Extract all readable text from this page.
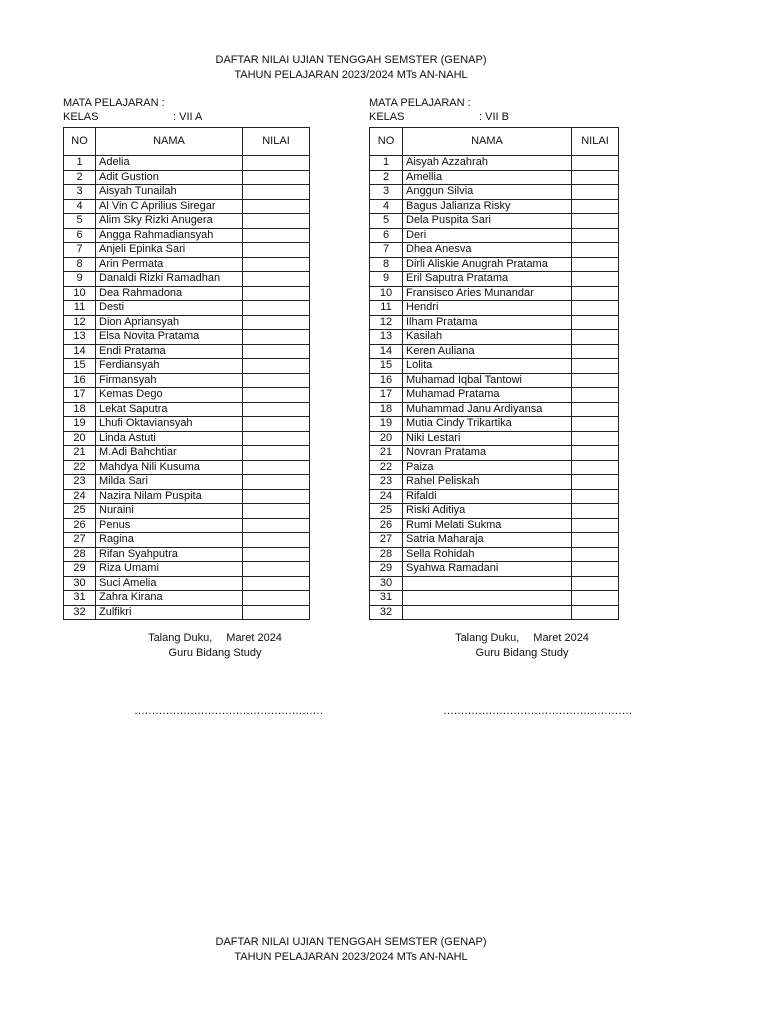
DAFTAR NILAI UJIAN TENGGAH SEMSTER (GENAP)
TAHUN PELAJARAN 2023/2024 MTs AN-NAHL
MATA PELAJARAN :
KELAS	: VII A
NO	NAMA	NILAI
1	Adelia	
2	Adit Gustion	
3	Aisyah Tunailah	
4	Al Vin C Aprilius Siregar	
5	Alim Sky Rizki Anugera	
6	Angga Rahmadiansyah	
7	Anjeli Epinka Sari	
8	Arin Permata	
9	Danaldi Rizki Ramadhan	
10	Dea Rahmadona	
11	Desti	
12	Dion Apriansyah	
13	Elsa Novita Pratama	
14	Endi Pratama	
15	Ferdiansyah	
16	Firmansyah	
17	Kemas Dego	
18	Lekat Saputra	
19	Lhufi Oktaviansyah	
20	Linda Astuti	
21	M.Adi Bahchtiar	
22	Mahdya Nili Kusuma	
23	Milda Sari	
24	Nazira Nilam Puspita	
25	Nuraini	
26	Penus	
27	Ragina	
28	Rifan Syahputra	
29	Riza Umami	
30	Suci Amelia	
31	Zahra Kirana	
32	Zulfikri	
MATA PELAJARAN :
KELAS	: VII B
NO	NAMA	NILAI
1	Aisyah Azzahrah	
2	Amellia	
3	Anggun Silvia	
4	Bagus Jalianza Risky	
5	Dela Puspita Sari	
6	Deri	
7	Dhea Anesva	
8	Dirli Aliskie Anugrah Pratama	
9	Eril Saputra Pratama	
10	Fransisco Aries Munandar	
11	Hendri	
12	Ilham Pratama	
13	Kasilah	
14	Keren Auliana	
15	Lolita	
16	Muhamad Iqbal Tantowi	
17	Muhamad Pratama	
18	Muhammad Janu Ardiyansa	
19	Mutia Cindy Trikartika	
20	Niki Lestari	
21	Novran Pratama	
22	Paiza	
23	Rahel Peliskah	
24	Rifaldi	
25	Riski Aditiya	
26	Rumi Melati Sukma	
27	Satria Maharaja	
28	Sella Rohidah	
29	Syahwa Ramadani	
30		
31		
32		
Talang Duku, Maret 2024
Guru Bidang Study
Talang Duku, Maret 2024
Guru Bidang Study
………………………………………………	………………………………………………
DAFTAR NILAI UJIAN TENGGAH SEMSTER (GENAP)
TAHUN PELAJARAN 2023/2024 MTs AN-NAHL
